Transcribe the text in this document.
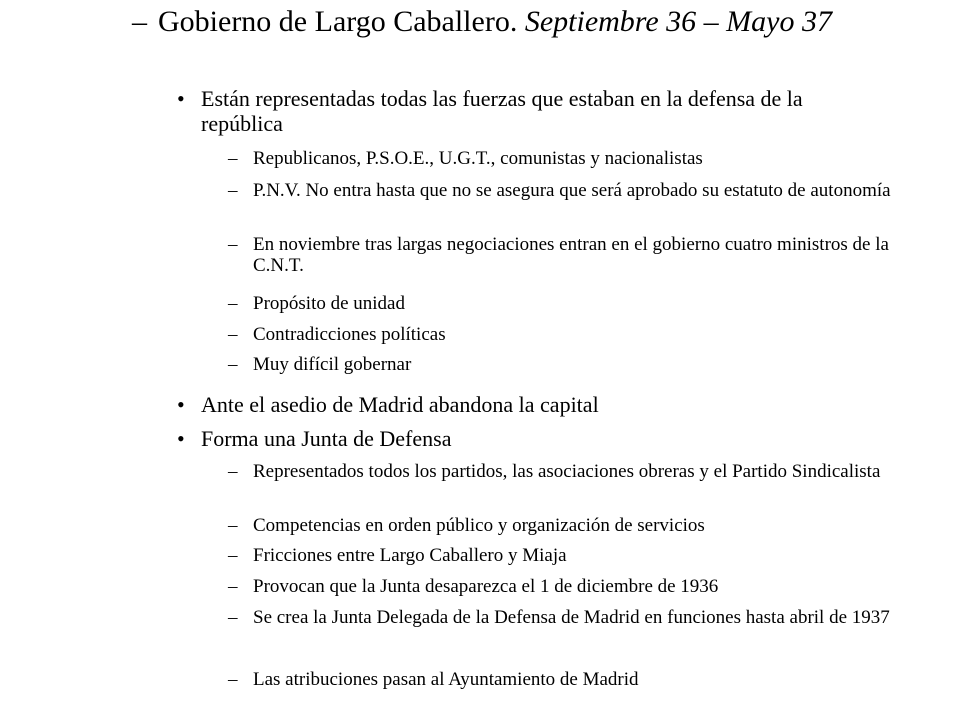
– Gobierno de Largo Caballero. Septiembre 36 – Mayo 37

• Están representadas todas las fuerzas que estaban en la defensa de la república

– Republicanos, P.S.O.E., U.G.T., comunistas y nacionalistas

– P.N.V. No entra hasta que no se asegura que será aprobado su estatuto de autonomía

– En noviembre tras largas negociaciones entran en el gobierno cuatro ministros de la C.N.T.

– Propósito de unidad

– Contradicciones políticas

– Muy difícil gobernar

• Ante el asedio de Madrid abandona la capital

• Forma una Junta de Defensa

– Representados todos los partidos, las asociaciones obreras y el Partido Sindicalista

– Competencias en orden público y organización de servicios

– Fricciones entre Largo Caballero y Miaja

– Provocan que la Junta desaparezca el 1 de diciembre de 1936

– Se crea la Junta Delegada de la Defensa de Madrid en funciones hasta abril de 1937

– Las atribuciones pasan al Ayuntamiento de Madrid
